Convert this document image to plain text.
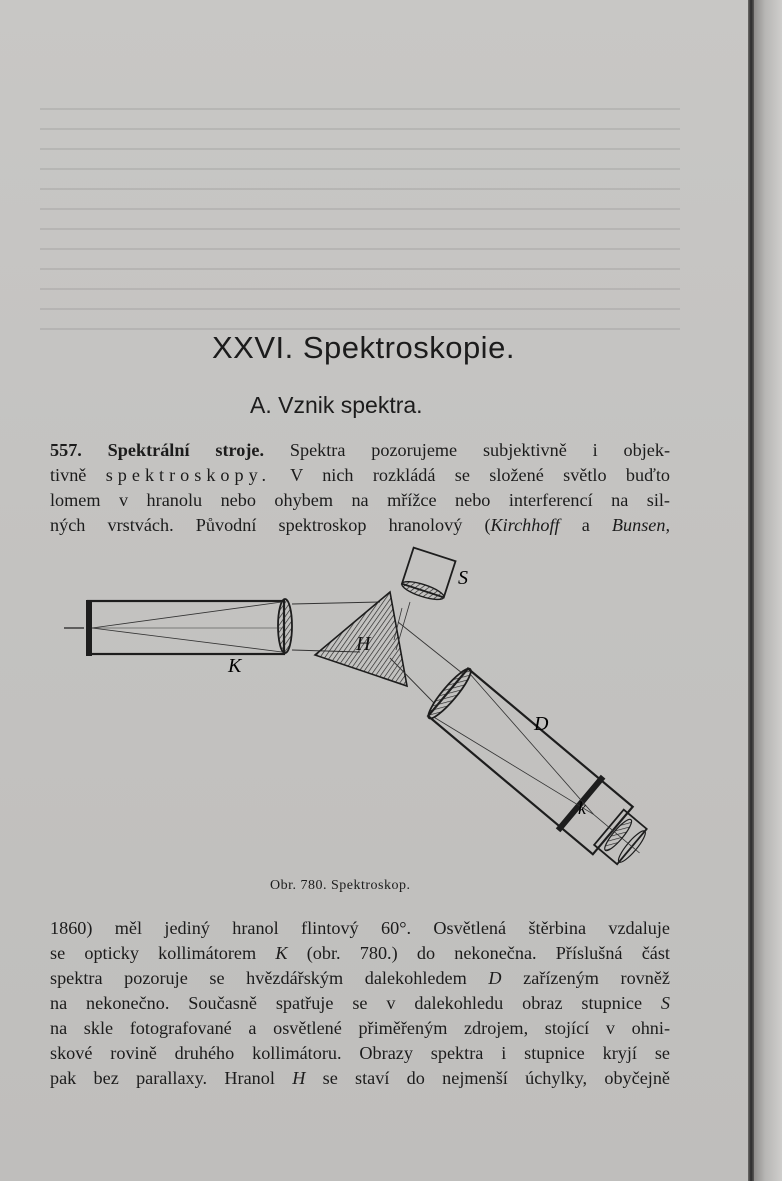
XXVI. Spektroskopie.
A. Vznik spektra.
557. Spektrální stroje. Spektra pozorujeme subjektivně i objek-
tivně spektroskopy. V nich rozkládá se složené světlo buďto
lomem v hranolu nebo ohybem na mřížce nebo interferencí na sil-
ných vrstvách. Původní spektroskop hranolový (Kirchhoff a Bunsen,
S
H
K
D
k
Obr. 780. Spektroskop.
1860) měl jediný hranol flintový 60°. Osvětlená štěrbina vzdaluje
se opticky kollimátorem K (obr. 780.) do nekonečna. Příslušná část
spektra pozoruje se hvězdářským dalekohledem D zařízeným rovněž
na nekonečno. Současně spatřuje se v dalekohledu obraz stupnice S
na skle fotografované a osvětlené přiměřeným zdrojem, stojící v ohni-
skové rovině druhého kollimátoru. Obrazy spektra i stupnice kryjí se
pak bez parallaxy. Hranol H se staví do nejmenší úchylky, obyčejně
